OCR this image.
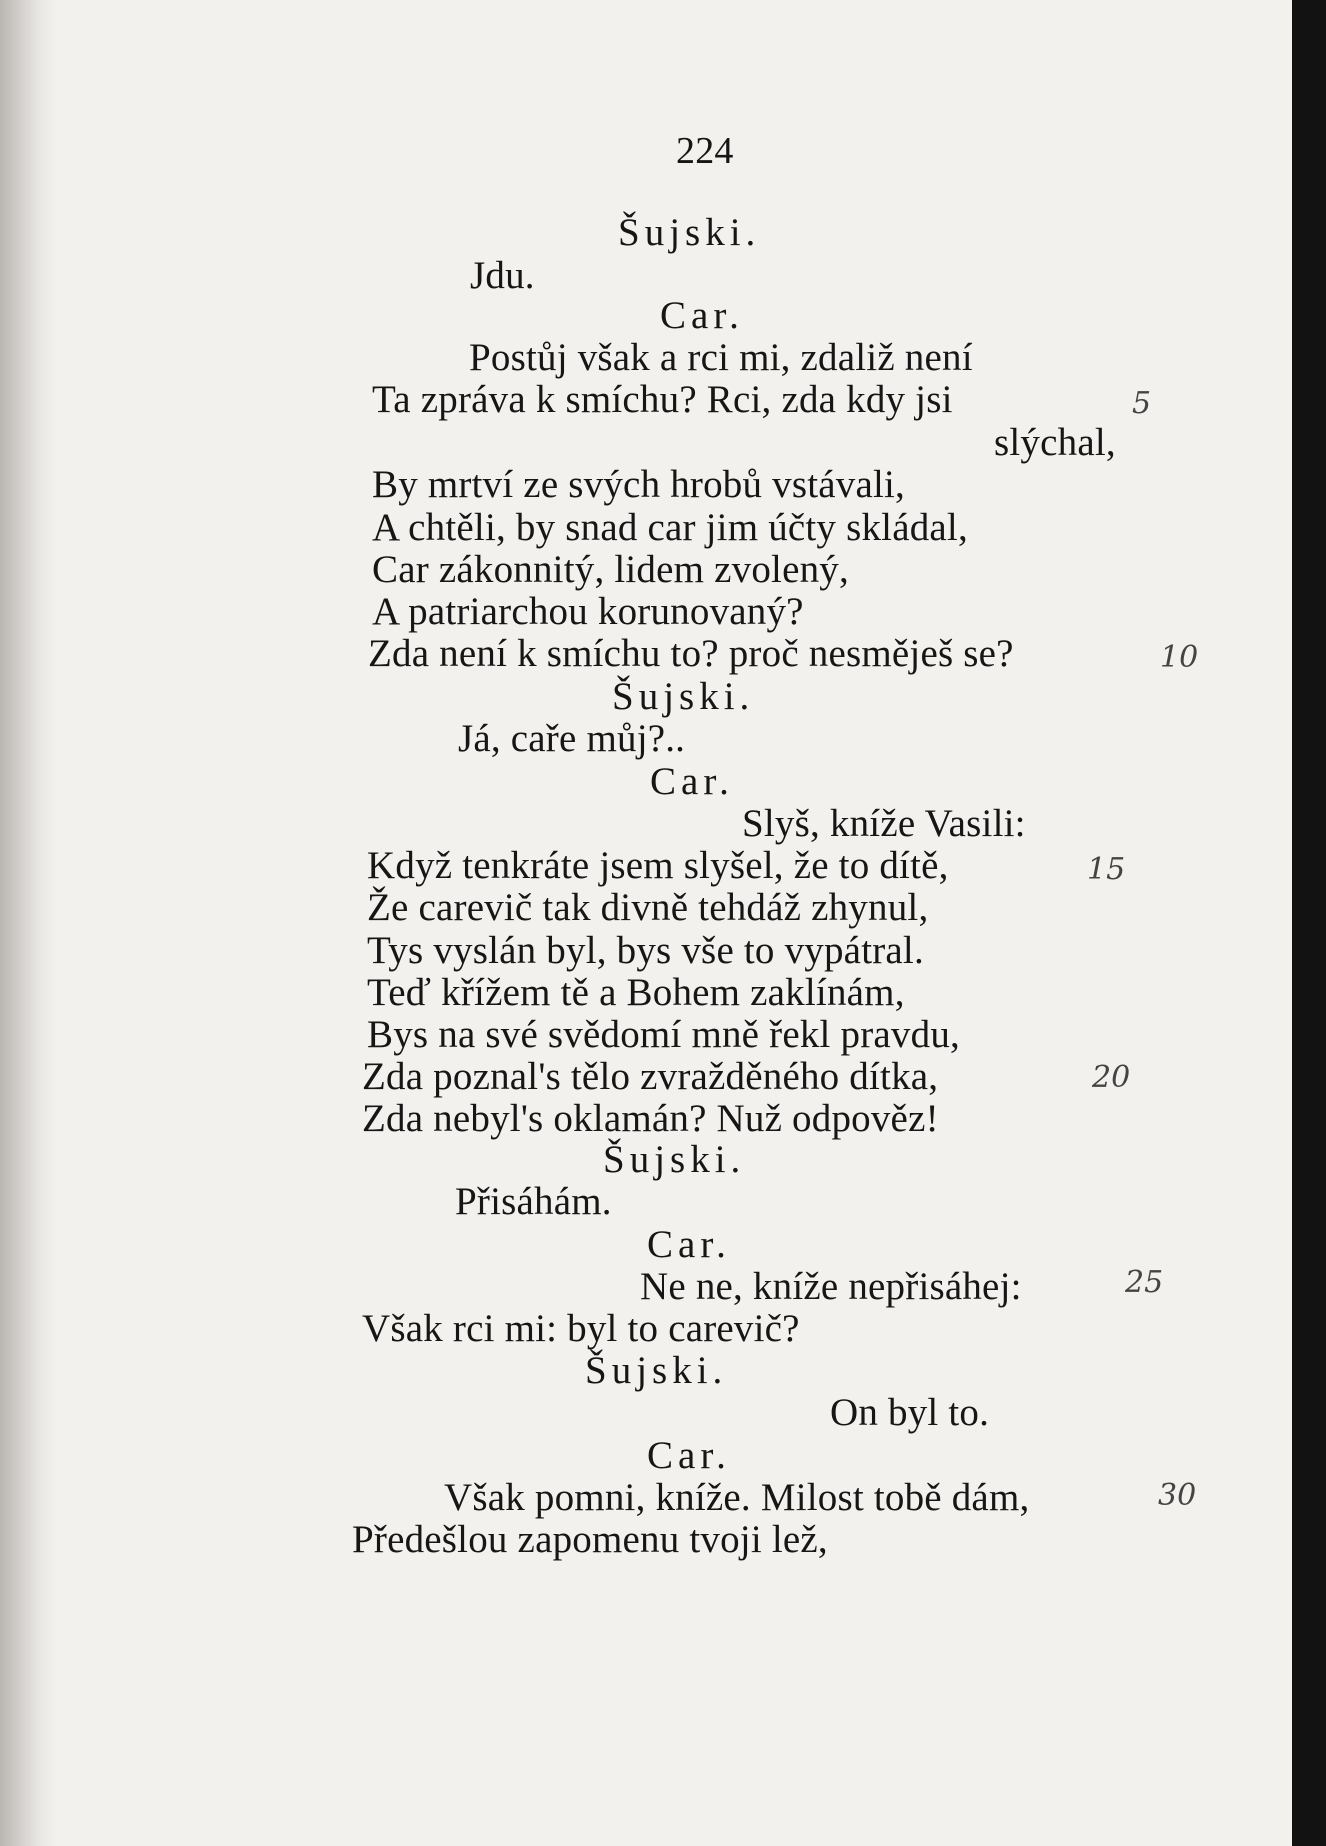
224
Šujski.
Jdu.
Car.
Postůj však a rci mi, zdaliž není
Ta zpráva k smíchu? Rci, zda kdy jsi
slýchal,
By mrtví ze svých hrobů vstávali,
A chtěli, by snad car jim účty skládal,
Car zákonnitý, lidem zvolený,
A patriarchou korunovaný?
Zda není k smíchu to? proč nesměješ se?
Šujski.
Já, caře můj?..
Car.
Slyš, kníže Vasili:
Když tenkráte jsem slyšel, že to dítě,
Že carevič tak divně tehdáž zhynul,
Tys vyslán byl, bys vše to vypátral.
Teď křížem tě a Bohem zaklínám,
Bys na své svědomí mně řekl pravdu,
Zda poznal's tělo zvražděného dítka,
Zda nebyl's oklamán? Nuž odpověz!
Šujski.
Přisáhám.
Car.
Ne ne, kníže nepřisáhej:
Však rci mi: byl to carevič?
Šujski.
On byl to.
Car.
Však pomni, kníže. Milost tobě dám,
Předešlou zapomenu tvoji lež,
5
10
15
20
25
30
